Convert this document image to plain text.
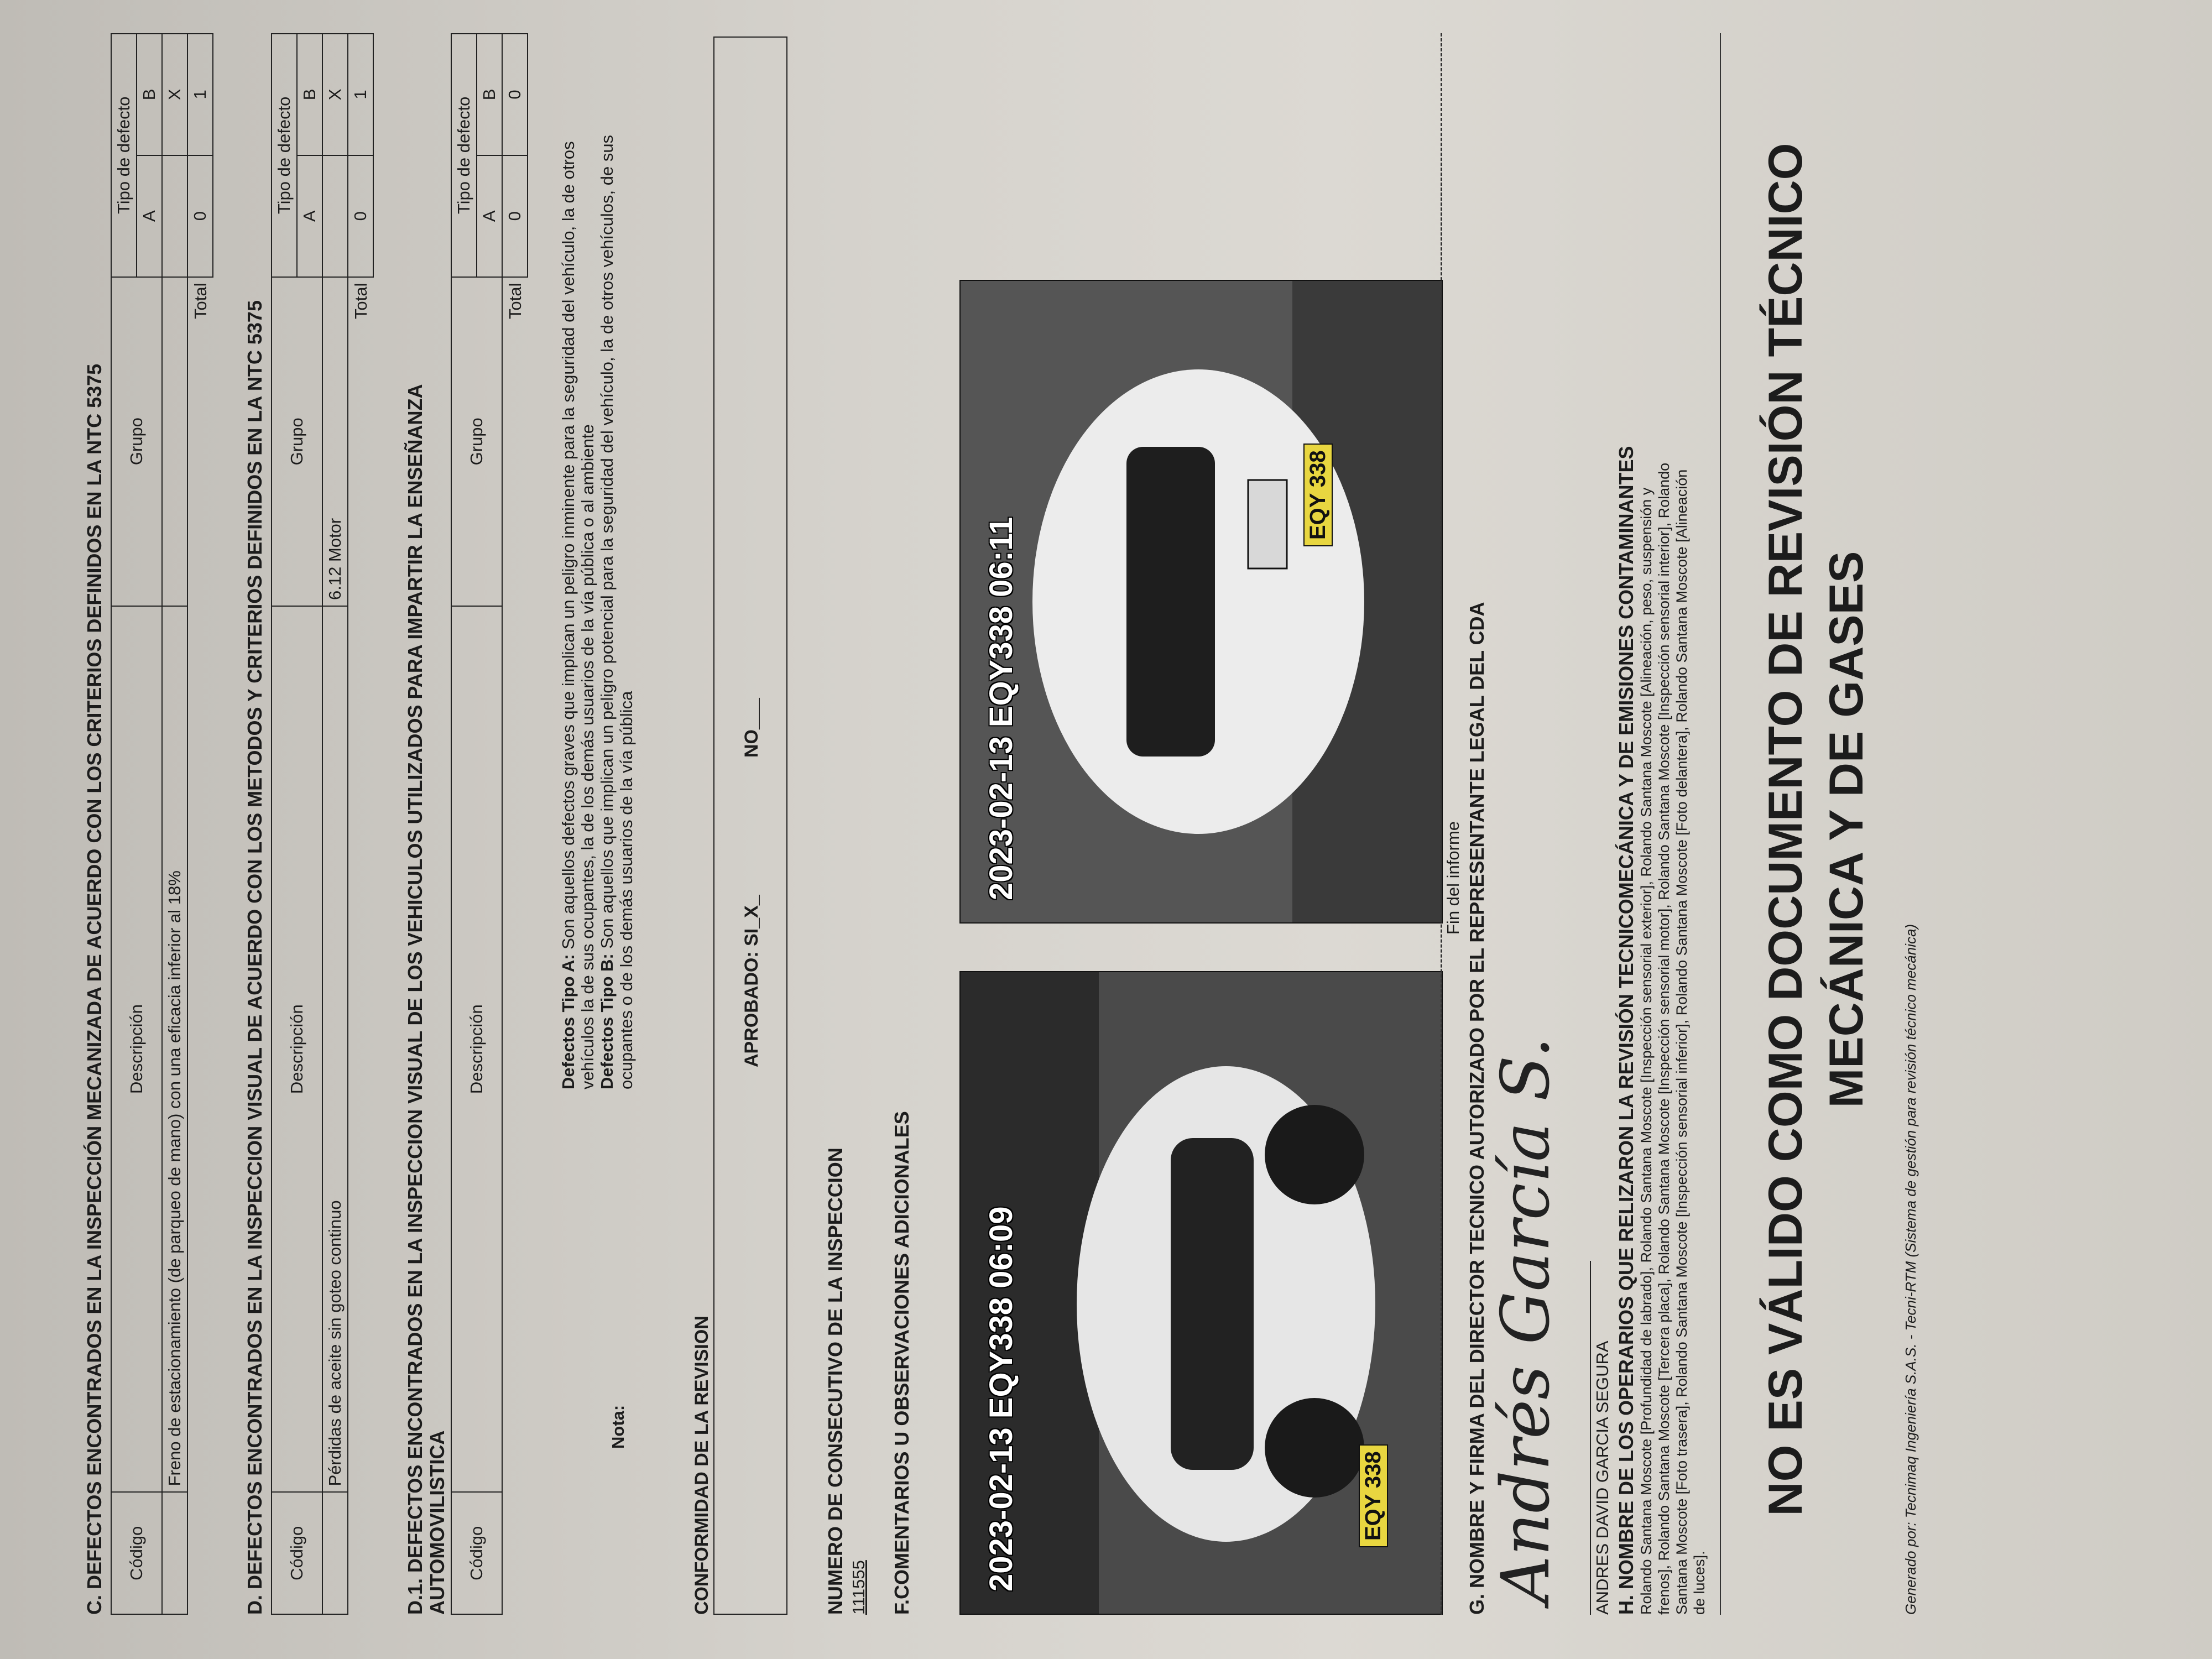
C. DEFECTOS ENCONTRADOS EN LA INSPECCIÓN MECANIZADA DE ACUERDO CON LOS CRITERIOS DEFINIDOS EN LA NTC 5375 Código	Descripción	Grupo	Tipo de defecto	
			A	B
	Freno de estacionamiento (de parqueo de mano) con una eficacia inferior al 18%			X
Total			0	1
D. DEFECTOS ENCONTRADOS EN LA INSPECCION VISUAL DE ACUERDO CON LOS METODOS Y CRITERIOS DEFINIDOS EN LA NTC 5375 Código	Descripción	Grupo	Tipo de defecto	
			A	B
	Pérdidas de aceite sin goteo continuo	6.12 Motor		X
Total			0	1
D.1. DEFECTOS ENCONTRADOS EN LA INSPECCION VISUAL DE LOS VEHICULOS UTILIZADOS PARA IMPARTIR LA ENSEÑANZA AUTOMOVILISTICA Código	Descripción	Grupo	Tipo de defecto	
			A	B
Total			0	0
Nota:
Defectos Tipo A: Son aquellos defectos graves que implican un peligro inminente para la seguridad del vehículo, la de otros vehículos la de sus ocupantes, la de los demás usuarios de la vía pública o al ambiente Defectos Tipo B: Son aquellos que implican un peligro potencial para la seguridad del vehículo, la de otros vehículos, de sus ocupantes o de los demás usuarios de la vía pública
CONFORMIDAD DE LA REVISION
APROBADO: SI_X_
NO___
NUMERO DE CONSECUTIVO DE LA INSPECCION 111555 F.COMENTARIOS U OBSERVACIONES ADICIONALES 2023-02-13 EQY338 06:09	EQY 338
2023-02-13 EQY338 06:11
EQY 338
Fin del informe G. NOMBRE Y FIRMA DEL DIRECTOR TECNICO AUTORIZADO POR EL REPRESENTANTE LEGAL DEL CDA Andrés García S. ANDRES DAVID GARCIA SEGURA H. NOMBRE DE LOS OPERARIOS QUE RELIZARON LA REVISIÓN TECNICOMECÁNICA Y DE EMISIONES CONTAMINANTES Rolando Santana Moscote [Profundidad de labrado], Rolando Santana Moscote [Inspección sensorial exterior], Rolando Santana Moscote [Alineación, peso, suspensión y frenos], Rolando Santana Moscote [Tercera placa], Rolando Santana Moscote [Inspección sensorial motor], Rolando Santana Moscote [Inspección sensorial interior], Rolando Santana Moscote [Foto trasera], Rolando Santana Moscote [Inspección sensorial inferior], Rolando Santana Moscote [Foto delantera], Rolando Santana Moscote [Alineación de luces].
NO ES VÁLIDO COMO DOCUMENTO DE REVISIÓN TÉCNICO MECÁNICA Y DE GASES
Generado por: Tecnimaq Ingeniería S.A.S. - Tecni-RTM (Sistema de gestión para revisión técnico mecánica)
